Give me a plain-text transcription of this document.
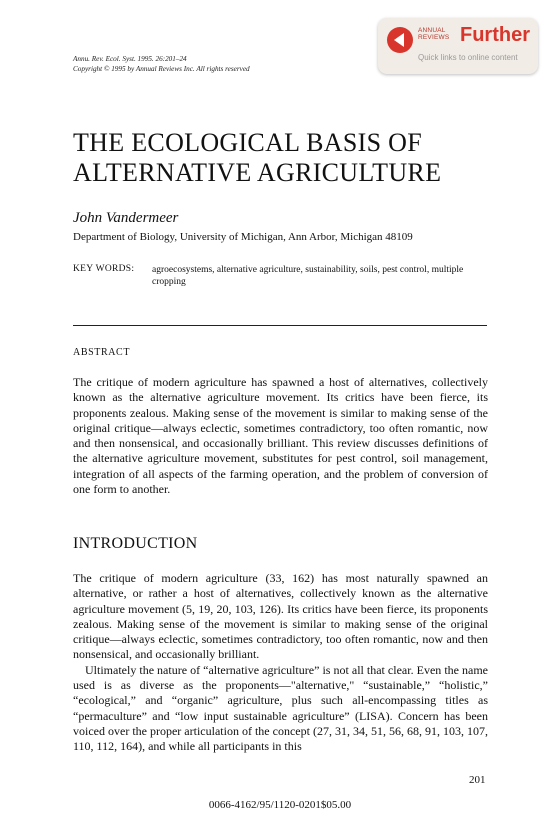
Annu. Rev. Ecol. Syst. 1995. 26:201–24
Copyright © 1995 by Annual Reviews Inc. All rights reserved
ANNUAL
REVIEWS Further
Quick links to online content
THE ECOLOGICAL BASIS OF
ALTERNATIVE AGRICULTURE
John Vandermeer
Department of Biology, University of Michigan, Ann Arbor, Michigan 48109
KEY WORDS: agroecosystems, alternative agriculture, sustainability, soils, pest control, multiple cropping
ABSTRACT
The critique of modern agriculture has spawned a host of alternatives, collectively known as the alternative agriculture movement. Its critics have been fierce, its proponents zealous. Making sense of the movement is similar to making sense of the original critique—always eclectic, sometimes contradictory, too often romantic, now and then nonsensical, and occasionally brilliant. This review discusses definitions of the alternative agriculture movement, substitutes for pest control, soil management, integration of all aspects of the farming operation, and the problem of conversion of one form to another.
INTRODUCTION
The critique of modern agriculture (33, 162) has most naturally spawned an alternative, or rather a host of alternatives, collectively known as the alternative agriculture movement (5, 19, 20, 103, 126). Its critics have been fierce, its proponents zealous. Making sense of the movement is similar to making sense of the original critique—always eclectic, sometimes contradictory, too often romantic, now and then nonsensical, and occasionally brilliant.
Ultimately the nature of “alternative agriculture” is not all that clear. Even the name used is as diverse as the proponents—"alternative," “sustainable,” “holistic,” “ecological,” and “organic” agriculture, plus such all-encompassing titles as “permaculture” and “low input sustainable agriculture” (LISA). Concern has been voiced over the proper articulation of the concept (27, 31, 34, 51, 56, 68, 91, 103, 107, 110, 112, 164), and while all participants in this
201
0066-4162/95/1120-0201$05.00
